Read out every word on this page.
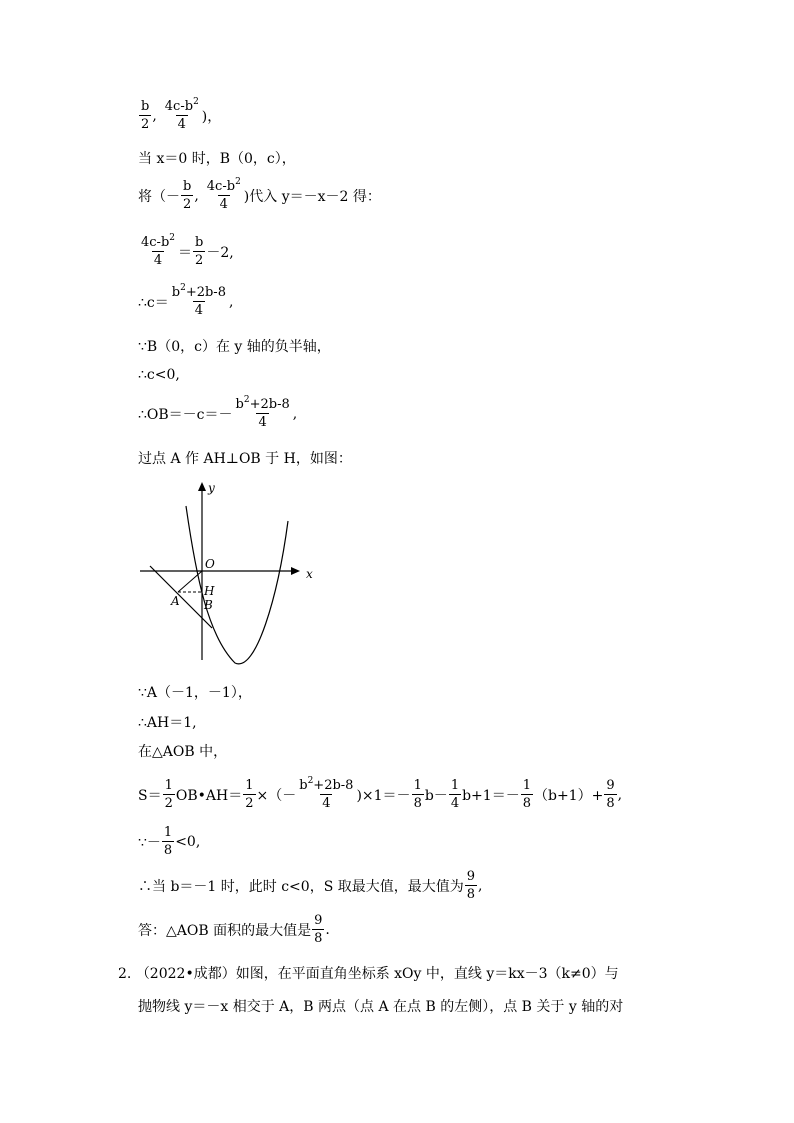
$\frac{b}{2}$ , $\frac{4c-b^2}{4}$ )，
当 x＝0 时，B（0，c），
将（－ $\frac{b}{2}$ , $\frac{4c-b^2}{4}$ )代入 y＝－x－2 得：
$\frac{4c-b^2}{4} = \frac{b}{2} -2$,
∴c＝ $\frac{b^2+2b-8}{4}$ ,
∵B（0，c）在 y 轴的负半轴，
∴c<0,
∴OB＝－c＝－ $\frac{b^2+2b-8}{4}$ ,
过点 A 作 AH⊥OB 于 H，如图：
y
x
O
H
A B
∵A（－1，－1），
∴AH＝1,
在△AOB 中，
$S= \frac{1}{2}$ OB•AH＝ $\frac{1}{2}$ ×（－ $\frac{b^2+2b-8}{4} )\times 1=- \frac{1}{8} b- \frac{1}{4} b+1=- \frac{1}{8} (b+1)+ \frac{9}{8}$ ,
∵－ $\frac{1}{8} <0$,
∴当 b＝－1 时，此时 c<0，S 取最大值，最大值为 $\frac{9}{8}$ ,
答：△AOB 面积的最大值是 $\frac{9}{8}$ .
2. （2022•成都）如图，在平面直角坐标系 xOy 中，直线 y＝kx－3（k≠0）与
抛物线 y＝－x 相交于 A，B 两点（点 A 在点 B 的左侧），点 B 关于 y 轴的对
